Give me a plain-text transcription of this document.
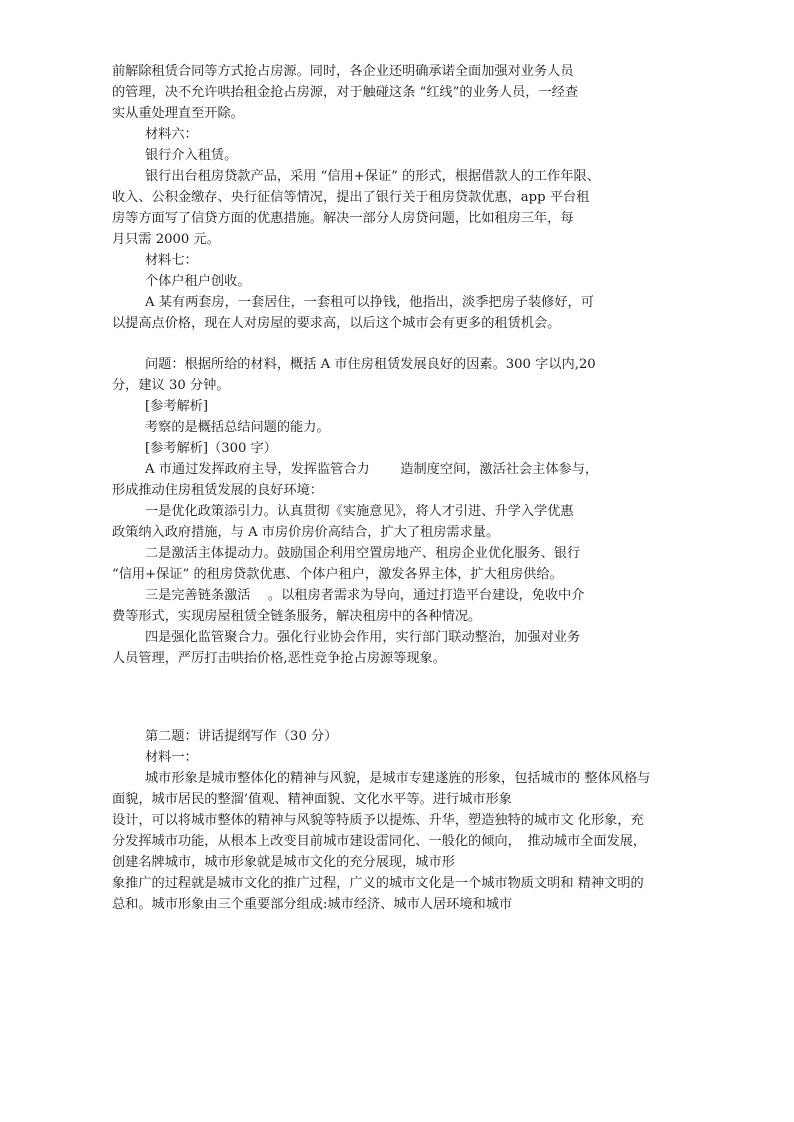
前解除租赁合同等方式抢占房源。同时，各企业还明确承诺全面加强对业务人员
的管理，决不允许哄抬租金抢占房源，对于触碰这条 “红线”的业务人员，一经查
实从重处理直至开除。
材料六：
银行介入租赁。
银行出台租房贷款产品，采用 “信用+保证” 的形式，根据借款人的工作年限、
收入、公积金缴存、央行征信等情况，提出了银行关于租房贷款优惠，app 平台租
房等方面写了信贷方面的优惠措施。解决一部分人房贷问题，比如租房三年，每
月只需 2000 元。
材料七：
个体户租户创收。
A 某有两套房，一套居住，一套租可以挣钱，他指出，淡季把房子装修好，可
以提高点价格，现在人对房屋的要求高，以后这个城市会有更多的租赁机会。
问题：根据所给的材料，概括 A 市住房租赁发展良好的因素。300 字以内,20
分，建议 30 分钟。
[参考解析]
考察的是概括总结问题的能力。
[参考解析]（300 字）
A 市通过发挥政府主导，发挥监管合力　　 造制度空间，激活社会主体参与，
形成推动住房租赁发展的良好环境：
一是优化政策添引力。认真贯彻《实施意见》，将人才引进、升学入学优惠
政策纳入政府措施，与 A 市房价房价高结合，扩大了租房需求量。
二是激活主体提动力。鼓励国企利用空置房地产、租房企业优化服务、银行
“信用+保证” 的租房贷款优惠、个体户租户，激发各界主体，扩大租房供给。
三是完善链条激活　 。以租房者需求为导向，通过打造平台建设，免收中介
费等形式，实现房屋租赁全链条服务，解决租房中的各种情况。
四是强化监管聚合力。强化行业协会作用，实行部门联动整治，加强对业务
人员管理，严厉打击哄抬价格,恶性竞争抢占房源等现象。
第二题：讲话提纲写作（30 分）
材料一：
城市形象是城市整体化的精神与风貌，是城市专建遂旌的形象，包括城市的 整体风格与
面貌，城市居民的整溜’值观、精神面貌、文化水平等。进行城市形象
设计，可以将城市整体的精神与风貌等特质予以提炼、升华，塑造独特的城市文 化形象，充
分发挥城市功能，从根本上改变目前城市建设雷同化、一般化的倾向，　推动城市全面发展，
创建名牌城市，城市形象就是城市文化的充分展现，城市形
象推广的过程就是城市文化的推广过程，广义的城市文化是一个城市物质文明和 精神文明的
总和。城市形象由三个重要部分组成:城市经济、城市人居环境和城市
